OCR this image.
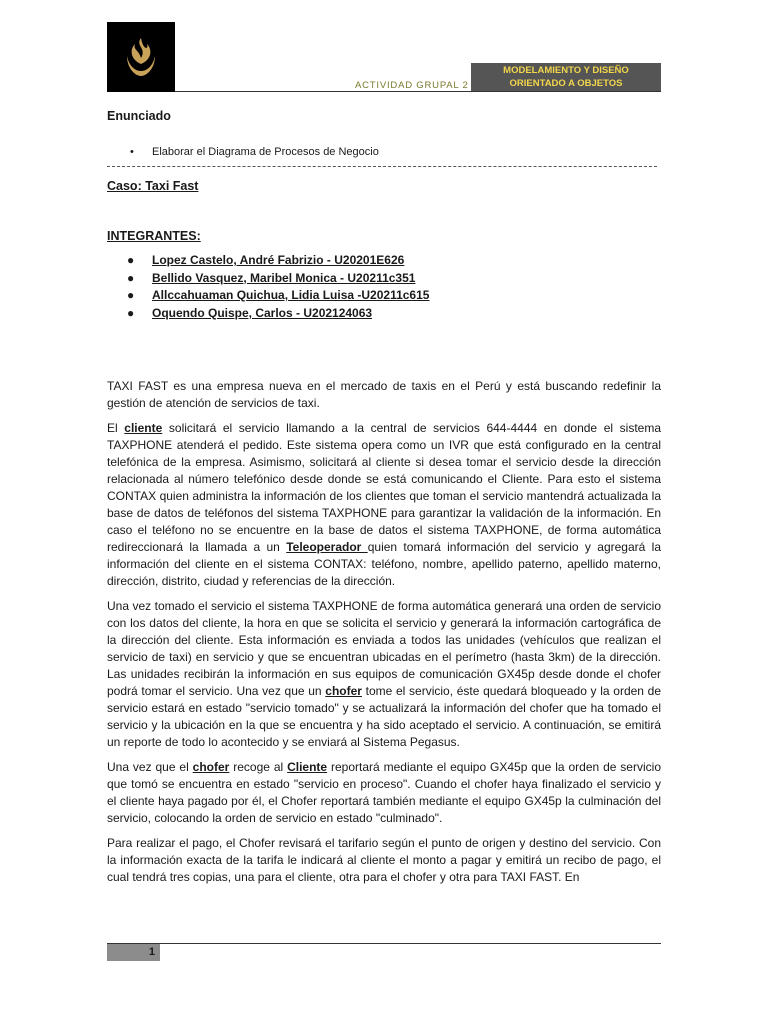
ACTIVIDAD GRUPAL 2
MODELAMIENTO Y DISEÑO
ORIENTADO A OBJETOS
Enunciado
• Elaborar el Diagrama de Procesos de Negocio
Caso: Taxi Fast
INTEGRANTES:
● Lopez Castelo, André Fabrizio - U20201E626
● Bellido Vasquez, Maribel Monica - U20211c351
● Allccahuaman Quichua, Lidia Luisa -U20211c615
● Oquendo Quispe, Carlos - U202124063

TAXI FAST es una empresa nueva en el mercado de taxis en el Perú y está buscando redefinir la gestión de atención de servicios de taxi.

El cliente solicitará el servicio llamando a la central de servicios 644-4444 en donde el sistema TAXPHONE atenderá el pedido. Este sistema opera como un IVR que está configurado en la central telefónica de la empresa. Asimismo, solicitará al cliente si desea tomar el servicio desde la dirección relacionada al número telefónico desde donde se está comunicando el Cliente. Para esto el sistema CONTAX quien administra la información de los clientes que toman el servicio mantendrá actualizada la base de datos de teléfonos del sistema TAXPHONE para garantizar la validación de la información. En caso el teléfono no se encuentre en la base de datos el sistema TAXPHONE, de forma automática redireccionará la llamada a un Teleoperador quien tomará información del servicio y agregará la información del cliente en el sistema CONTAX: teléfono, nombre, apellido paterno, apellido materno, dirección, distrito, ciudad y referencias de la dirección.

Una vez tomado el servicio el sistema TAXPHONE de forma automática generará una orden de servicio con los datos del cliente, la hora en que se solicita el servicio y generará la información cartográfica de la dirección del cliente. Esta información es enviada a todos las unidades (vehículos que realizan el servicio de taxi) en servicio y que se encuentran ubicadas en el perímetro (hasta 3km) de la dirección. Las unidades recibirán la información en sus equipos de comunicación GX45p desde donde el chofer podrá tomar el servicio. Una vez que un chofer tome el servicio, éste quedará bloqueado y la orden de servicio estará en estado "servicio tomado" y se actualizará la información del chofer que ha tomado el servicio y la ubicación en la que se encuentra y ha sido aceptado el servicio. A continuación, se emitirá un reporte de todo lo acontecido y se enviará al Sistema Pegasus.

Una vez que el chofer recoge al Cliente reportará mediante el equipo GX45p que la orden de servicio que tomó se encuentra en estado "servicio en proceso". Cuando el chofer haya finalizado el servicio y el cliente haya pagado por él, el Chofer reportará también mediante el equipo GX45p la culminación del servicio, colocando la orden de servicio en estado "culminado".

Para realizar el pago, el Chofer revisará el tarifario según el punto de origen y destino del servicio. Con la información exacta de la tarifa le indicará al cliente el monto a pagar y emitirá un recibo de pago, el cual tendrá tres copias, una para el cliente, otra para el chofer y otra para TAXI FAST. En

1
